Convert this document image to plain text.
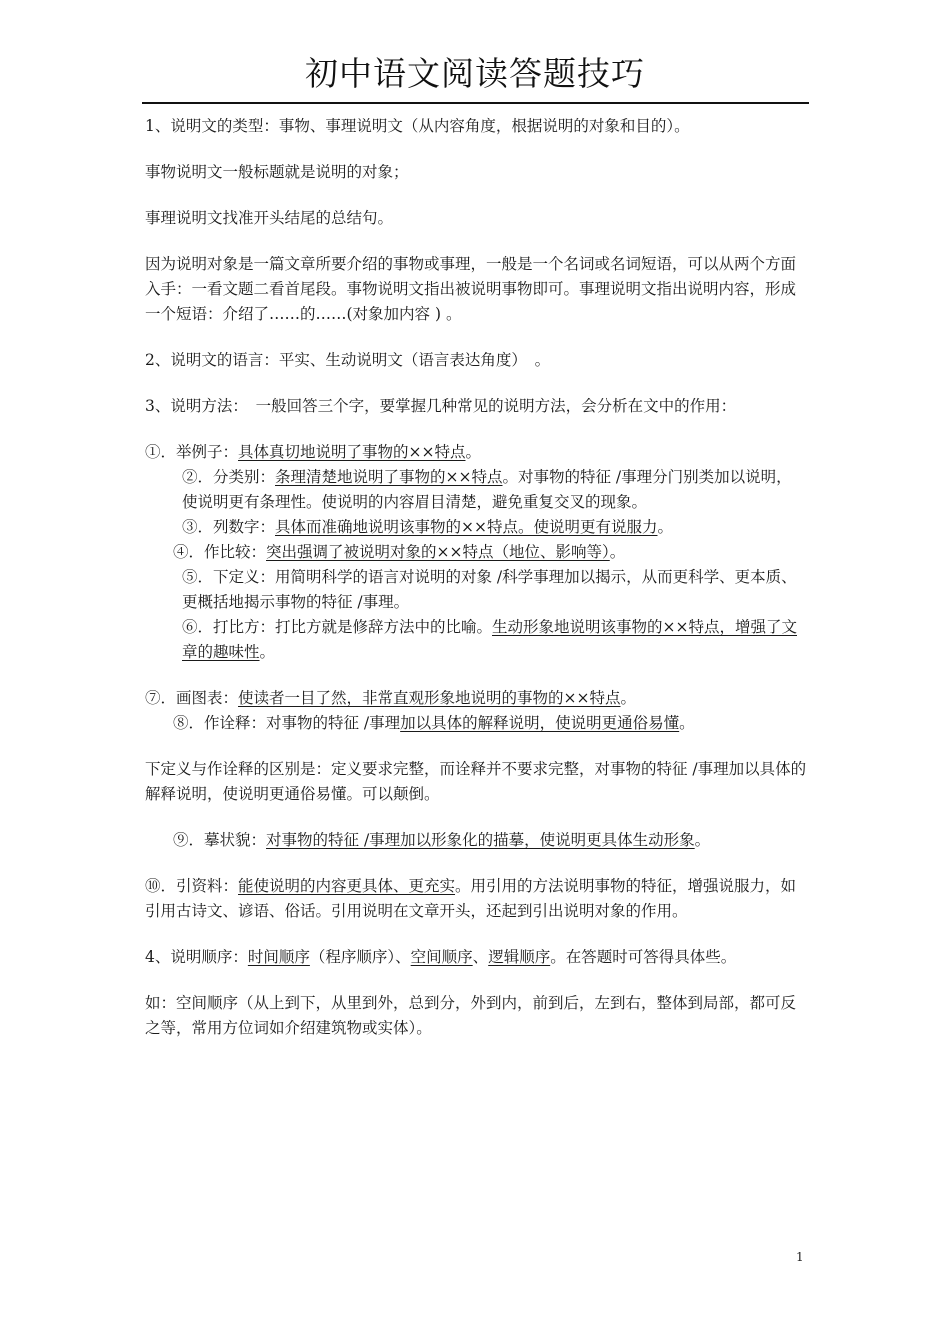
初中语文阅读答题技巧

1、说明文的类型：事物、事理说明文（从内容角度，根据说明的对象和目的）。

事物说明文一般标题就是说明的对象；

事理说明文找准开头结尾的总结句。

因为说明对象是一篇文章所要介绍的事物或事理，一般是一个名词或名词短语，可以从两个方面入手：一看文题二看首尾段。事物说明文指出被说明事物即可。事理说明文指出说明内容，形成一个短语：介绍了……的……(对象加内容 ) 。

2、说明文的语言：平实、生动说明文（语言表达角度）　。

3、说明方法：　一般回答三个字，要掌握几种常见的说明方法，会分析在文中的作用：

①．举例子：具体真切地说明了事物的××特点。

②．分类别：条理清楚地说明了事物的××特点。对事物的特征 /事理分门别类加以说明，使说明更有条理性。使说明的内容眉目清楚，避免重复交叉的现象。

③．列数字：具体而准确地说明该事物的××特点。使说明更有说服力。

④．作比较：突出强调了被说明对象的××特点（地位、影响等）。

⑤．下定义：用简明科学的语言对说明的对象 /科学事理加以揭示，从而更科学、更本质、更概括地揭示事物的特征 /事理。

⑥．打比方：打比方就是修辞方法中的比喻。生动形象地说明该事物的××特点，增强了文章的趣味性。

⑦．画图表：使读者一目了然，非常直观形象地说明的事物的××特点。

⑧．作诠释：对事物的特征 /事理加以具体的解释说明，使说明更通俗易懂。

下定义与作诠释的区别是：定义要求完整，而诠释并不要求完整，对事物的特征 /事理加以具体的解释说明，使说明更通俗易懂。可以颠倒。

⑨．摹状貌：对事物的特征 /事理加以形象化的描摹，使说明更具体生动形象。

⑩．引资料：能使说明的内容更具体、更充实。用引用的方法说明事物的特征，增强说服力，如引用古诗文、谚语、俗话。引用说明在文章开头，还起到引出说明对象的作用。

4、说明顺序：时间顺序（程序顺序）、空间顺序、逻辑顺序。在答题时可答得具体些。

如：空间顺序（从上到下，从里到外，总到分，外到内，前到后，左到右，整体到局部，都可反之等，常用方位词如介绍建筑物或实体）。

1
